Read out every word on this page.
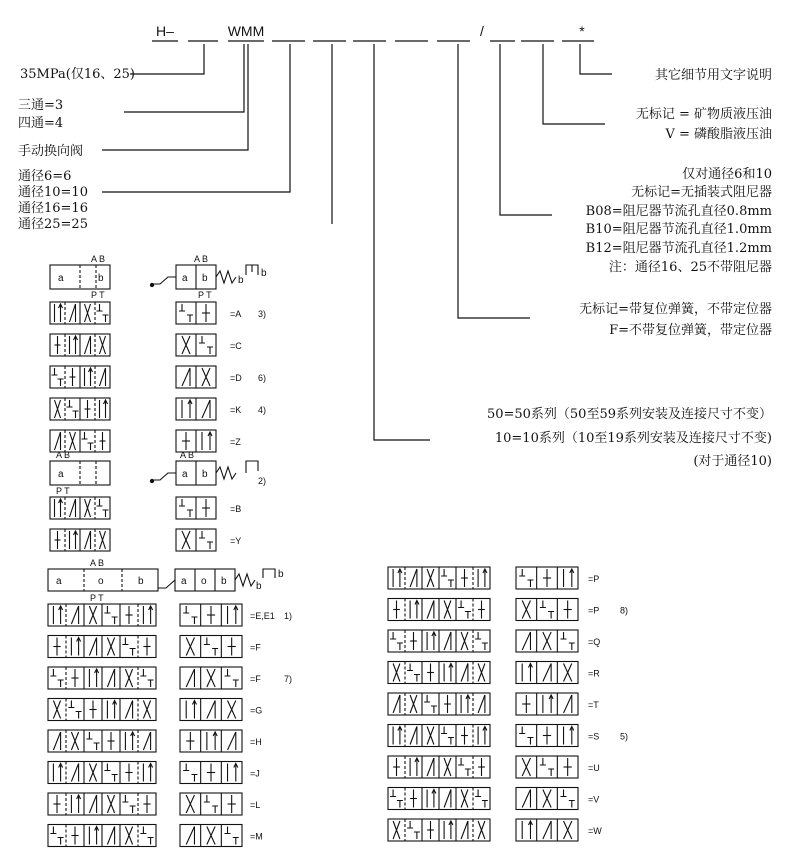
H–	WMM	/	*
35MPa(仅16、25)
三通=3
四通=4
手动换向阀
通径6=6
通径10=10
通径16=16
通径25=25
其它细节用文字说明
无标记 = 矿物质液压油
V = 磷酸脂液压油
仅对通径6和10
无标记=无插装式阻尼器
B08=阻尼器节流孔直径0.8mm
B10=阻尼器节流孔直径1.0mm
B12=阻尼器节流孔直径1.2mm
注：通径16、25不带阻尼器
无标记=带复位弹簧，不带定位器
F=不带复位弹簧，带定位器
50=50系列（50至59系列安装及连接尺寸不变）
10=10系列（10至19系列安装及连接尺寸不变)
(对于通径10)
A B
P T
a	b
A B
P T
a b	b
b
A B
P T
a
A B
a b
2)
A B
P T
a	o	b	a o b	b
b
=A 3)
=C
=D 6)
=K 4)
=Z
=B
=Y
=E,E1 1)
=F
=F	7)
=G
=H
=J
=L
=M
=P
=P 8)
=Q
=R
=T
=S 5)
=U
=V
=W
